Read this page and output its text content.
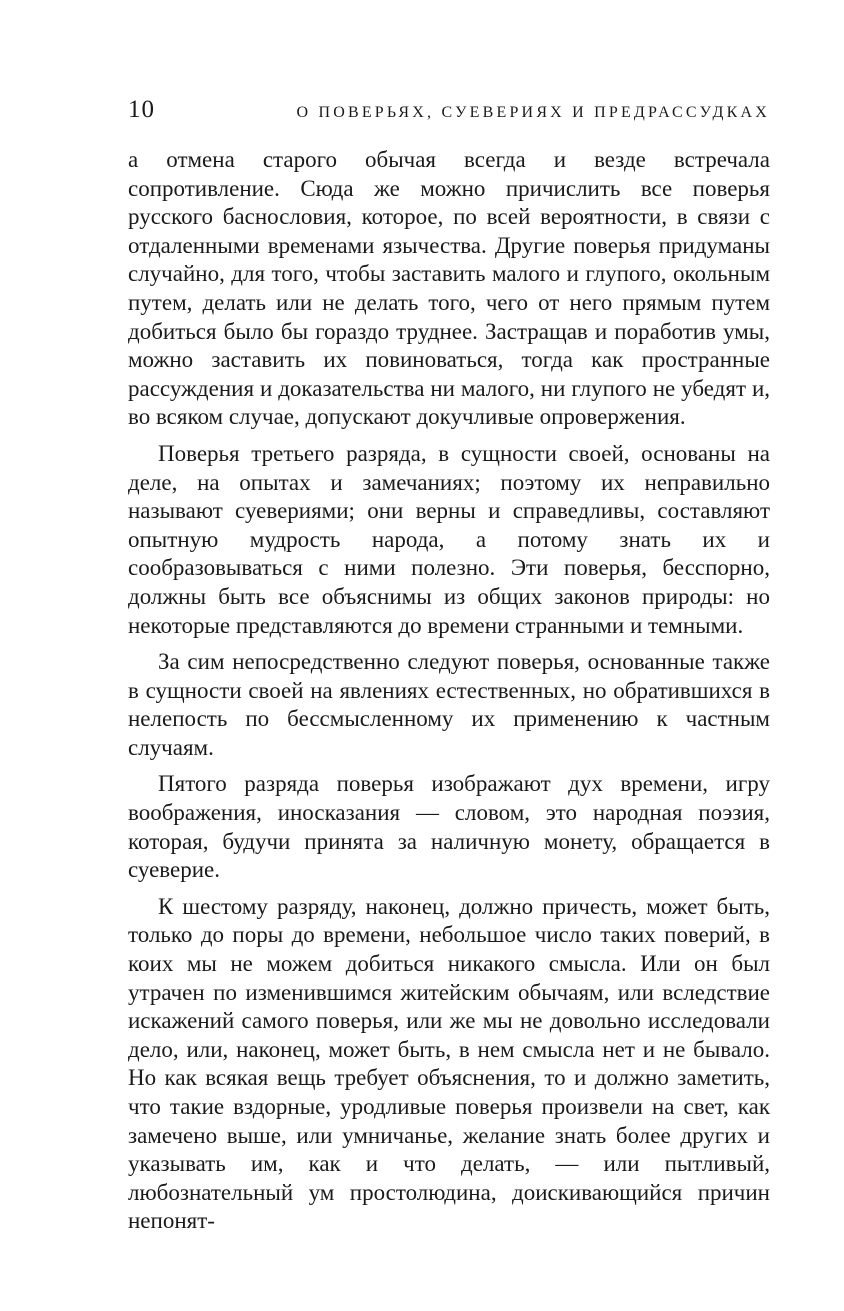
10	О ПОВЕРЬЯХ, СУЕВЕРИЯХ И ПРЕДРАССУДКАХ

а отмена старого обычая всегда и везде встречала сопротивление. Сюда же можно причислить все поверья русского баснословия, которое, по всей вероятности, в связи с отдаленными временами язычества. Другие поверья придуманы случайно, для того, чтобы заставить малого и глупого, окольным путем, делать или не делать того, чего от него прямым путем добиться было бы гораздо труднее. Застращав и поработив умы, можно заставить их повиноваться, тогда как пространные рассуждения и доказательства ни малого, ни глупого не убедят и, во всяком случае, допускают докучливые опровержения.

Поверья третьего разряда, в сущности своей, основаны на деле, на опытах и замечаниях; поэтому их неправильно называют суевериями; они верны и справедливы, составляют опытную мудрость народа, а потому знать их и сообразовываться с ними полезно. Эти поверья, бесспорно, должны быть все объяснимы из общих законов природы: но некоторые представляются до времени странными и темными.

За сим непосредственно следуют поверья, основанные также в сущности своей на явлениях естественных, но обратившихся в нелепость по бессмысленному их применению к частным случаям.

Пятого разряда поверья изображают дух времени, игру воображения, иносказания — словом, это народная поэзия, которая, будучи принята за наличную монету, обращается в суеверие.

К шестому разряду, наконец, должно причесть, может быть, только до поры до времени, небольшое число таких поверий, в коих мы не можем добиться никакого смысла. Или он был утрачен по изменившимся житейским обычаям, или вследствие искажений самого поверья, или же мы не довольно исследовали дело, или, наконец, может быть, в нем смысла нет и не бывало. Но как всякая вещь требует объяснения, то и должно заметить, что такие вздорные, уродливые поверья произвели на свет, как замечено выше, или умничанье, желание знать более других и указывать им, как и что делать, — или пытливый, любознательный ум простолюдина, доискивающийся причин непонят-
